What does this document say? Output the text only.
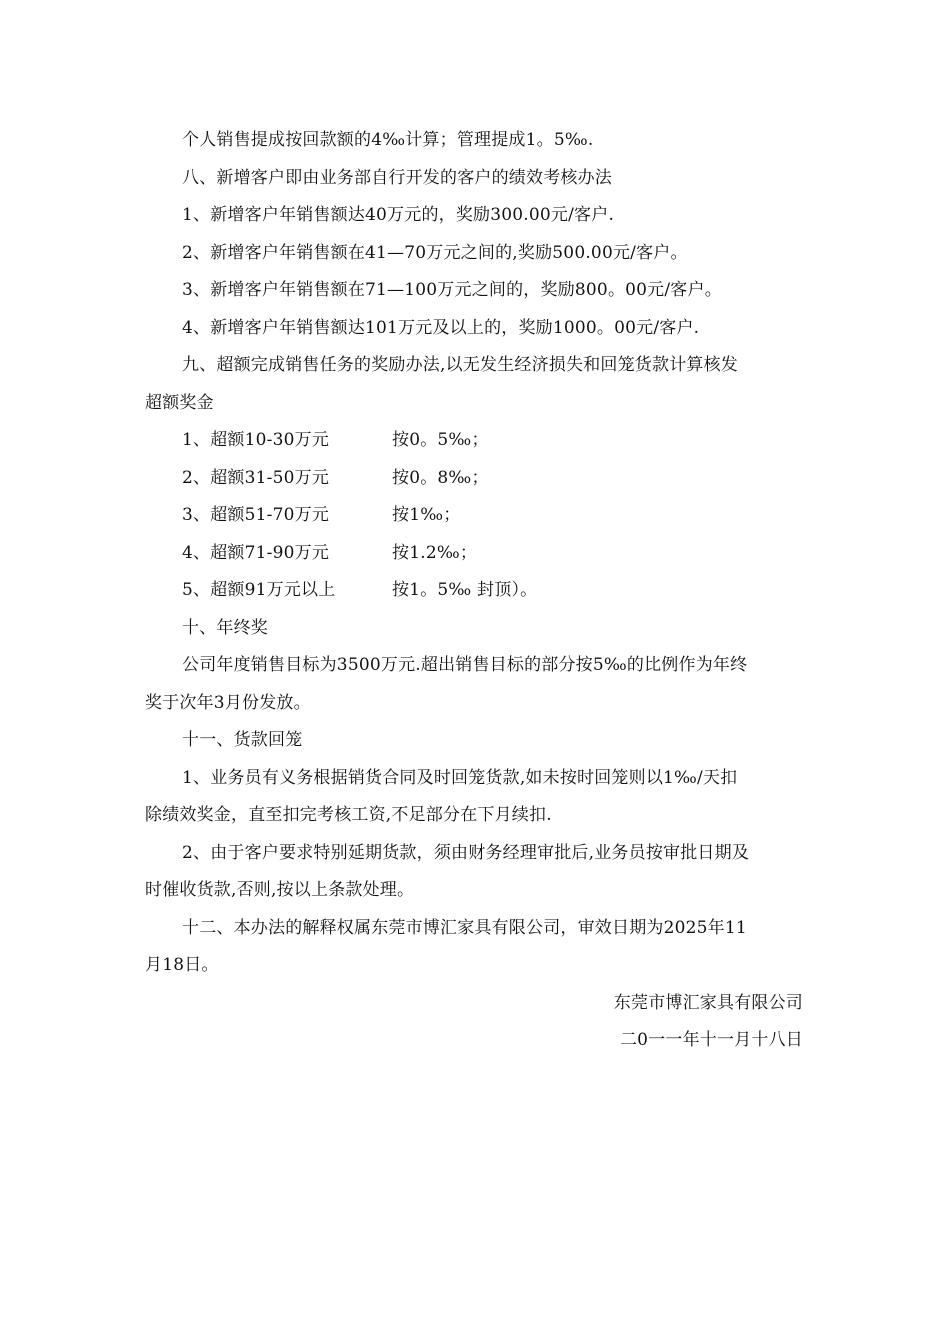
个人销售提成按回款额的4‰计算；管理提成1。5‰.
八、新增客户即由业务部自行开发的客户的绩效考核办法
1、新增客户年销售额达40万元的，奖励300.00元/客户.
2、新增客户年销售额在41—70万元之间的,奖励500.00元/客户。
3、新增客户年销售额在71—100万元之间的，奖励800。00元/客户。
4、新增客户年销售额达101万元及以上的，奖励1000。00元/客户.
九、超额完成销售任务的奖励办法,以无发生经济损失和回笼货款计算核发
超额奖金
1、超额10-30万元	按0。5‰；
2、超额31-50万元	按0。8‰；
3、超额51-70万元	按1‰；
4、超额71-90万元	按1.2‰；
5、超额91万元以上	按1。5‰ 封顶）。
十、年终奖
公司年度销售目标为3500万元.超出销售目标的部分按5‰的比例作为年终
奖于次年3月份发放。
十一、货款回笼
1、业务员有义务根据销货合同及时回笼货款,如未按时回笼则以1‰/天扣
除绩效奖金，直至扣完考核工资,不足部分在下月续扣.
2、由于客户要求特别延期货款，须由财务经理审批后,业务员按审批日期及
时催收货款,否则,按以上条款处理。
十二、本办法的解释权属东莞市博汇家具有限公司，审效日期为2025年11
月18日。
东莞市博汇家具有限公司
二0一一年十一月十八日
